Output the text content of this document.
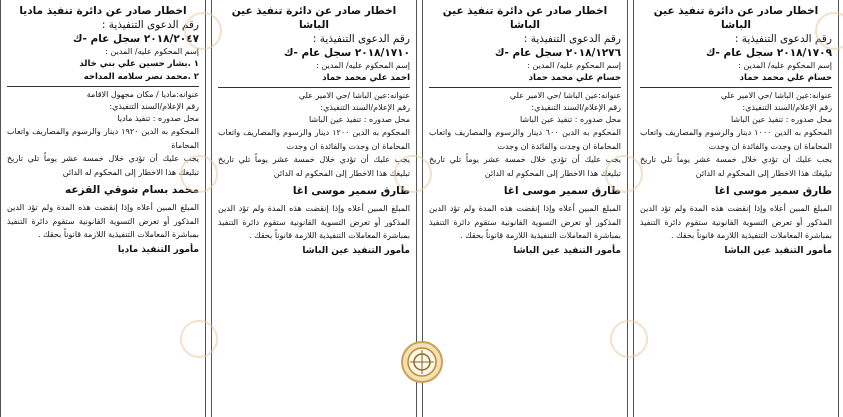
اخطار صادر عن دائرة تنفيذ عين الباشا

رقم الدعوى التنفيذية :

٢٠١٨/١٧٠٩ سجل عام -ك

إسم المحكوم عليه/ المدين :

حسام علي محمد حماد

عنوانه:عين الباشا /حي الامير علي

رقم الإعلام/السند التنفيذي:

محل صدوره : تنفيذ عين الباشا

المحكوم به الدين ١٠٠٠ دينار والرسوم والمصاريف واتعاب المحاماة ان وجدت والفائدة ان وجدت

يجب عليك أن تؤدي خلال خمسة عشر يوماً تلي تاريخ تبليغك هذا الاخطار إلى المحكوم له الدائن

طارق سمير موسى اغا

المبلغ المبين أعلاه وإذا إنقضت هذه المدة ولم تؤد الدين المذكور أو تعرض التسوية القانونية ستقوم دائرة التنفيذ بمباشرة المعاملات التنفيذية اللازمة قانوناً بحقك .

مأمور التنفيذ عين الباشا

اخطار صادر عن دائرة تنفيذ عين الباشا

رقم الدعوى التنفيذية :

٢٠١٨/١٢٧٦ سجل عام -ك

إسم المحكوم عليه/ المدين :

حسام علي محمد حماد

عنوانه:عين الباشا /حي الامير علي

رقم الإعلام/السند التنفيذي:

محل صدوره : تنفيذ عين الباشا

المحكوم به الدين ٦٠٠ دينار والرسوم والمصاريف واتعاب المحاماة ان وجدت والفائدة ان وجدت

يجب عليك أن تؤدي خلال خمسة عشر يوماً تلي تاريخ تبليغك هذا الاخطار إلى المحكوم له الدائن

طارق سمير موسى اغا

المبلغ المبين أعلاه وإذا إنقضت هذه المدة ولم تؤد الدين المذكور أو تعرض التسوية القانونية ستقوم دائرة التنفيذ بمباشرة المعاملات التنفيذية اللازمة قانوناً بحقك .

مأمور التنفيذ عين الباشا

اخطار صادر عن دائرة تنفيذ عين الباشا

رقم الدعوى التنفيذية :

٢٠١٨/١٧١٠ سجل عام -ك

إسم المحكوم عليه/ المدين :

احمد علي محمد حماد

عنوانه:عين الباشا /حي الامير علي

رقم الإعلام/السند التنفيذي:

محل صدوره : تنفيذ عين الباشا

المحكوم به الدين ١٢٠٠ دينار والرسوم والمصاريف واتعاب المحاماة ان وجدت والفائدة ان وجدت

يجب عليك أن تؤدي خلال خمسة عشر يوماً تلي تاريخ تبليغك هذا الاخطار إلى المحكوم له الدائن

طارق سمير موسى اغا

المبلغ المبين أعلاه وإذا إنقضت هذه المدة ولم تؤد الدين المذكور أو تعرض التسوية القانونية ستقوم دائرة التنفيذ بمباشرة المعاملات التنفيذية اللازمة قانوناً بحقك .

مأمور التنفيذ عين الباشا

اخطار صادر عن دائرة تنفيذ ماديا

رقم الدعوى التنفيذية :

٢٠١٨/٢٠٤٧ سجل عام -ك

إسم المحكوم عليه/ المدين :

١ .بشار حسين علي بني خالد

٢ .محمد نصر سلامه المداحه

عنوانه:ماديا / مكان مجهول الاقامة

رقم الإعلام/السند التنفيذي:

محل صدوره : تنفيذ ماديا

المحكوم به الدين ١٩٢٠ دينار والرسوم والمصاريف واتعاب المحاماة

يجب عليك أن تؤدي خلال خمسة عشر يوماً تلي تاريخ تبليغك هذا الاخطار إلى المحكوم له الدائن

محمد بسام شوقي القزعه

المبلغ المبين أعلاه وإذا إنقضت هذه المدة ولم تؤد الدين المذكور أو تعرض التسوية القانونية ستقوم دائرة التنفيذ بمباشرة المعاملات التنفيذية اللازمة قانوناً بحقك .

مأمور التنفيذ ماديا
